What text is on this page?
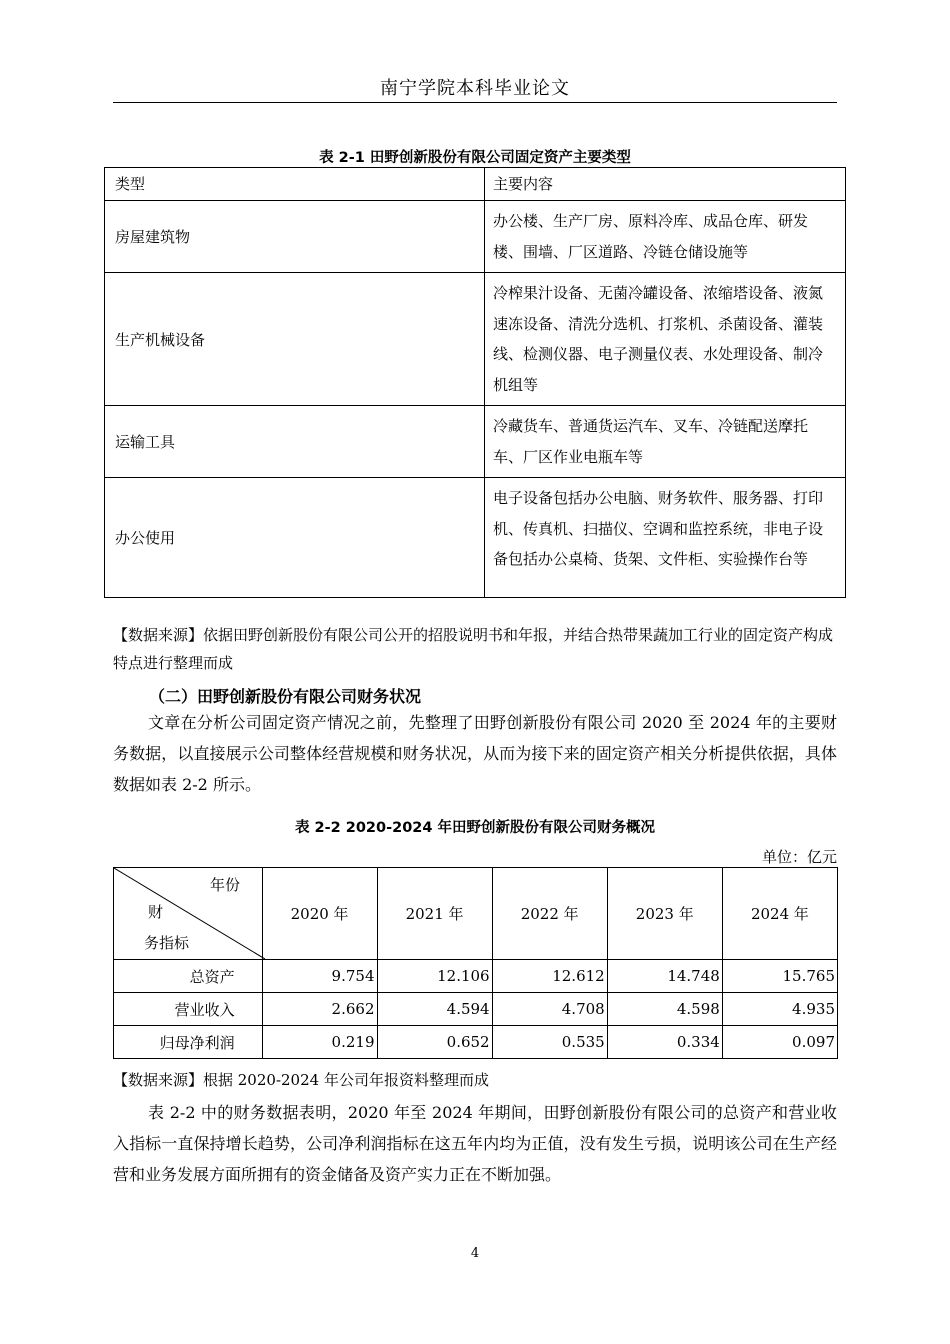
南宁学院本科毕业论文
表 2-1 田野创新股份有限公司固定资产主要类型
类型	主要内容
房屋建筑物	办公楼、生产厂房、原料冷库、成品仓库、研发楼、围墙、厂区道路、冷链仓储设施等
生产机械设备	冷榨果汁设备、无菌冷罐设备、浓缩塔设备、液氮速冻设备、清洗分选机、打浆机、杀菌设备、灌装线、检测仪器、电子测量仪表、水处理设备、制冷机组等
运输工具	冷藏货车、普通货运汽车、叉车、冷链配送摩托车、厂区作业电瓶车等
办公使用	电子设备包括办公电脑、财务软件、服务器、打印机、传真机、扫描仪、空调和监控系统，非电子设备包括办公桌椅、货架、文件柜、实验操作台等
【数据来源】依据田野创新股份有限公司公开的招股说明书和年报，并结合热带果蔬加工行业的固定资产构成特点进行整理而成
（二）田野创新股份有限公司财务状况
文章在分析公司固定资产情况之前，先整理了田野创新股份有限公司 2020 至 2024 年的主要财务数据，以直接展示公司整体经营规模和财务状况，从而为接下来的固定资产相关分析提供依据，具体数据如表 2-2 所示。
表 2-2 2020-2024 年田野创新股份有限公司财务概况
单位：亿元
年份
财
务指标	2020 年	2021 年	2022 年	2023 年	2024 年
总资产	9.754	12.106	12.612	14.748	15.765
营业收入	2.662	4.594	4.708	4.598	4.935
归母净利润	0.219	0.652	0.535	0.334	0.097
【数据来源】根据 2020-2024 年公司年报资料整理而成
表 2-2 中的财务数据表明，2020 年至 2024 年期间，田野创新股份有限公司的总资产和营业收入指标一直保持增长趋势，公司净利润指标在这五年内均为正值，没有发生亏损，说明该公司在生产经营和业务发展方面所拥有的资金储备及资产实力正在不断加强。
4
